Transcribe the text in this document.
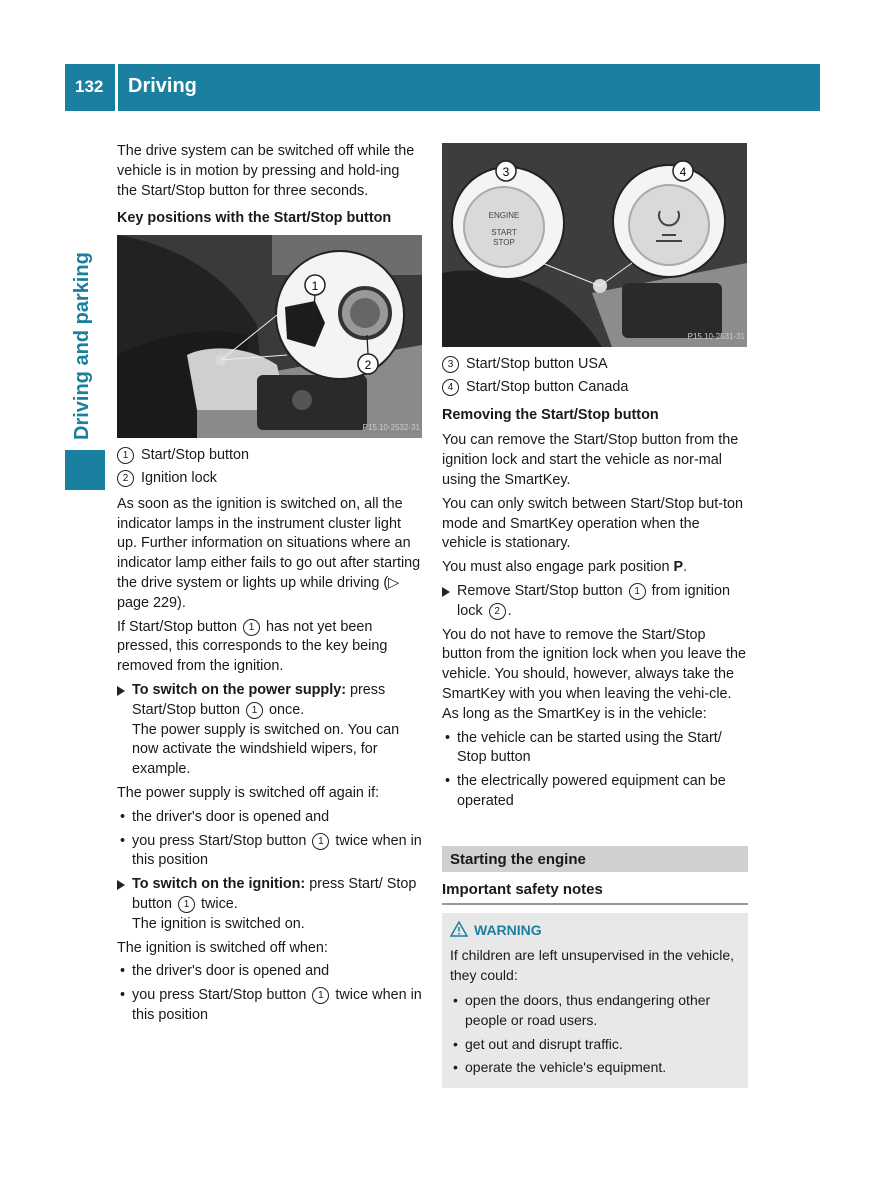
132 Driving
Driving and parking

The drive system can be switched off while the vehicle is in motion by pressing and hold-ing the Start/Stop button for three seconds.

Key positions with the Start/Stop button

1
2
P15.10-2532-31
1 Start/Stop button
2 Ignition lock

As soon as the ignition is switched on, all the indicator lamps in the instrument cluster light up. Further information on situations where an indicator lamp either fails to go out after starting the drive system or lights up while driving (▷ page 229).

If Start/Stop button 1 has not yet been pressed, this corresponds to the key being removed from the ignition.

To switch on the power supply: press Start/Stop button 1 once.
The power supply is switched on. You can now activate the windshield wipers, for example.

The power supply is switched off again if:

• the driver's door is opened and
• you press Start/Stop button 1 twice when in this position
To switch on the ignition: press Start/ Stop button 1 twice.
The ignition is switched on.

The ignition is switched off when:

• the driver's door is opened and
• you press Start/Stop button 1 twice when in this position
ENGINE
START
STOP
3	4
P15.10-2531-31
3 Start/Stop button USA
4 Start/Stop button Canada

Removing the Start/Stop button

You can remove the Start/Stop button from the ignition lock and start the vehicle as nor-mal using the SmartKey.

You can only switch between Start/Stop but-ton mode and SmartKey operation when the vehicle is stationary.

You must also engage park position P.

Remove Start/Stop button 1 from ignition lock 2 .

You do not have to remove the Start/Stop button from the ignition lock when you leave the vehicle. You should, however, always take the SmartKey with you when leaving the vehi-cle. As long as the SmartKey is in the vehicle:

• the vehicle can be started using the Start/ Stop button
• the electrically powered equipment can be operated
Starting the engine
Important safety notes
WARNING

If children are left unsupervised in the vehicle, they could:

• open the doors, thus endangering other people or road users.
• get out and disrupt traffic.
• operate the vehicle's equipment.
